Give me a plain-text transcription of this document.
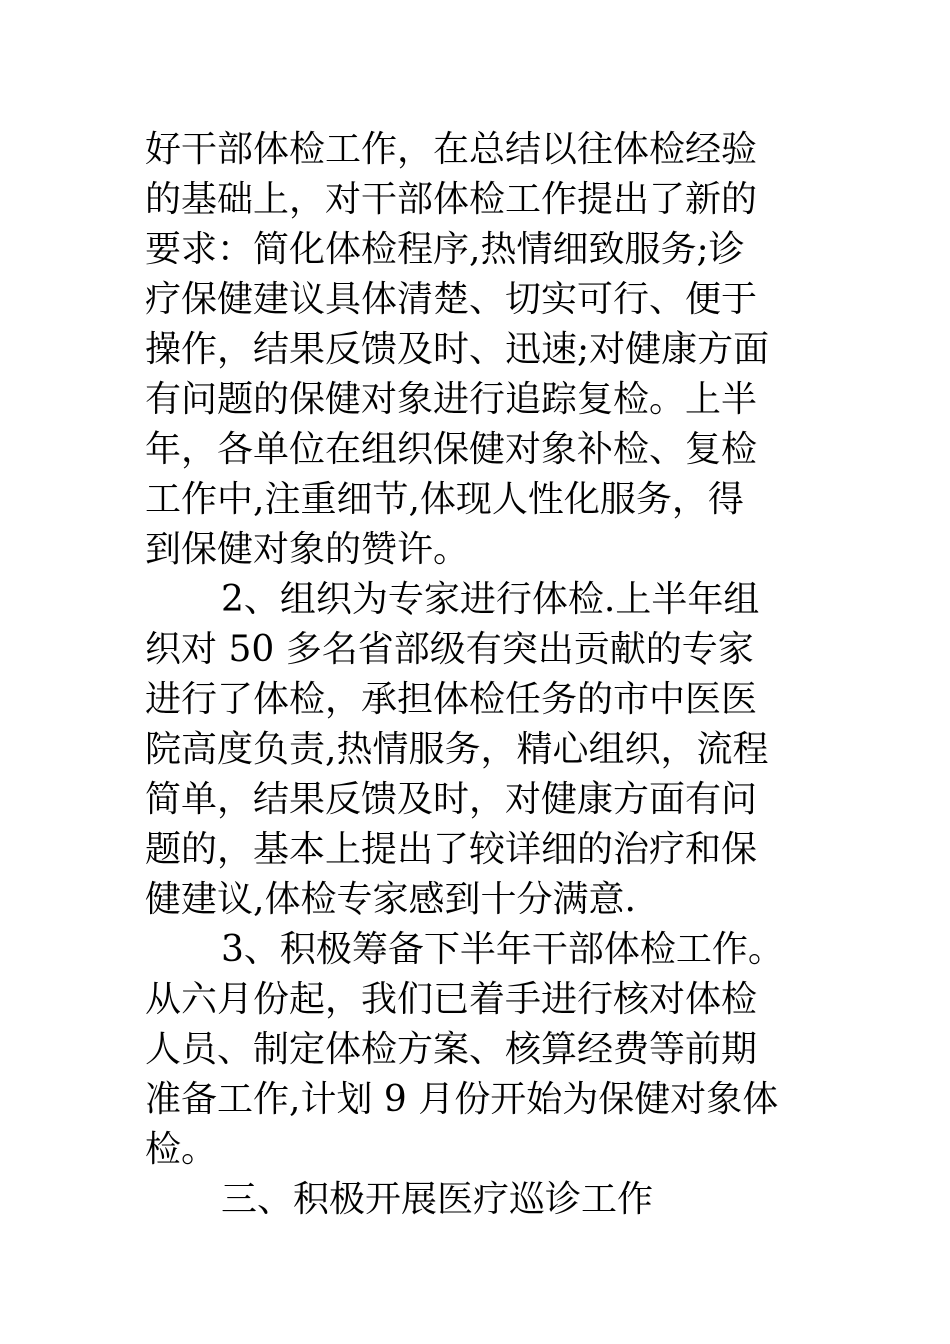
好干部体检工作，在总结以往体检经验
的基础上，对干部体检工作提出了新的
要求：简化体检程序,热情细致服务;诊
疗保健建议具体清楚、切实可行、便于
操作，结果反馈及时、迅速;对健康方面
有问题的保健对象进行追踪复检。上半
年，各单位在组织保健对象补检、复检
工作中,注重细节,体现人性化服务，得
到保健对象的赞许。
2、组织为专家进行体检.上半年组
织对 50 多名省部级有突出贡献的专家
进行了体检，承担体检任务的市中医医
院高度负责,热情服务，精心组织，流程
简单，结果反馈及时，对健康方面有问
题的，基本上提出了较详细的治疗和保
健建议,体检专家感到十分满意.
3、积极筹备下半年干部体检工作。
从六月份起，我们已着手进行核对体检
人员、制定体检方案、核算经费等前期
准备工作,计划 9 月份开始为保健对象体
检。
三、积极开展医疗巡诊工作
